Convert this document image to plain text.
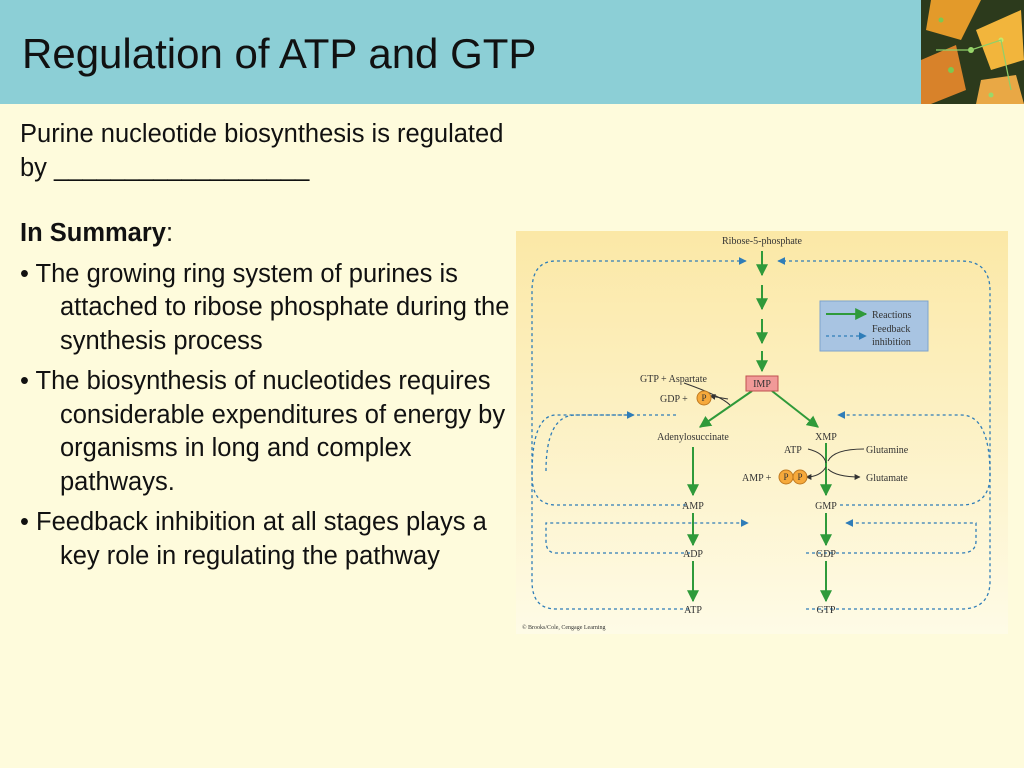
Regulation of ATP and GTP

Purine nucleotide biosynthesis is regulated by __________________

In Summary:

• The growing ring system of purines is attached to ribose phosphate during the synthesis process
• The biosynthesis of nucleotides requires considerable expenditures of energy by organisms in long and complex pathways.
• Feedback inhibition at all stages plays a key role in regulating the pathway
Reactions
Feedback
inhibition
Ribose-5-phosphate
IMP
GTP + Aspartate
GDP + P
Adenylosuccinate	XMP
ATP	Glutamine
AMP + P P	Glutamate
AMP
ADP
ATP
GMP
GDP
GTP
© Brooks/Cole, Cengage Learning
